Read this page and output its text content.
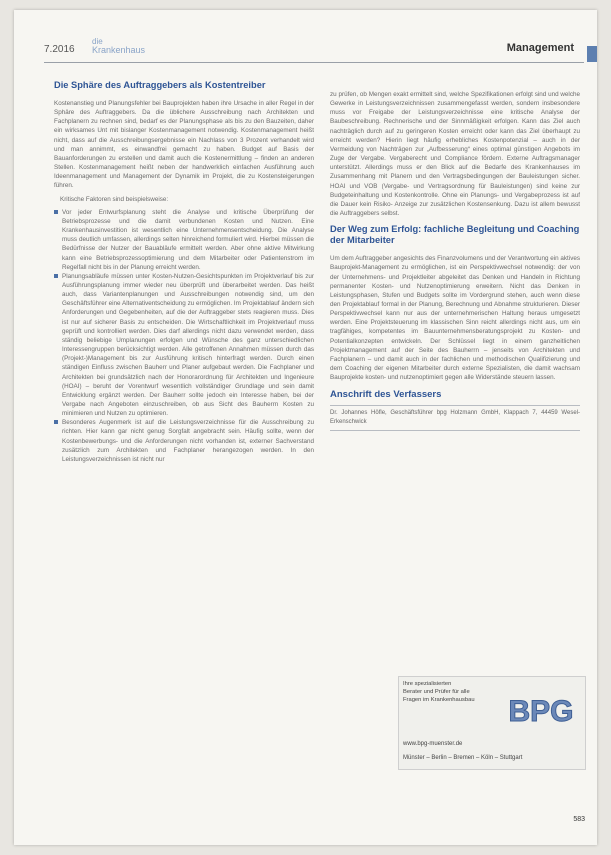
7.2016
die
Krankenhaus	Management
Die Sphäre des Auftraggebers als Kostentreiber
Kostenanstieg und Planungsfehler bei Bauprojekten haben ihre Ursache in aller Regel in der Sphäre des Auftraggebers. Da die üblichere Ausschreibung nach Architekten und Fachplanern zu rechnen sind, bedarf es der Planungsphase als bis zu den Bauzeiten, daher ein wirksames Unt mit bislanger Kostenmanagement notwendig. Kostenmanagement heißt nicht, dass auf die Ausschreibungsergebnisse ein Nachlass von 3 Prozent verhandelt wird und man annimmt, es einwandfrei gemacht zu haben. Budget auf Basis der Bauanforderungen zu erstellen und damit auch die Kostenermittlung – finden an anderen Stellen. Kostenmanagement heißt neben der handwerklich einfachen Ausführung auch Ideenmanagement und Management der Dynamik im Projekt, die zu Kostensteigerungen führen.
Kritische Faktoren sind beispielsweise:
Vor jeder Entwurfsplanung steht die Analyse und kritische Überprüfung der Betriebsprozesse und die damit verbundenen Kosten und Nutzen. Eine Krankenhausinvestition ist wesentlich eine Unternehmensentscheidung. Die Analyse muss deutlich umfassen, allerdings selten hinreichend formuliert wird. Hierbei müssen die Bedürfnisse der Nutzer der Bauabläufe ermittelt werden. Aber ohne aktive Mitwirkung kann eine Betriebsprozessoptimierung und dem Mitarbeiter oder Patientenstrom im Regelfall nicht bis in der Planung erreicht werden.
Planungsabläufe müssen unter Kosten-Nutzen-Gesichtspunkten im Projektverlauf bis zur Ausführungsplanung immer wieder neu überprüft und überarbeitet werden. Das heißt auch, dass Variantenplanungen und Ausschreibungen notwendig sind, um den Geschäftsführer eine Alternativentscheidung zu ermöglichen. Im Projektablauf ändern sich Anforderungen und Gegebenheiten, auf die der Auftraggeber stets reagieren muss. Dies ist nur auf sicherer Basis zu entscheiden. Die Wirtschaftlichkeit im Projektverlauf muss geprüft und kontrolliert werden. Dies darf allerdings nicht dazu verwendet werden, dass ständig beliebige Umplanungen erfolgen und Wünsche des ganz unterschiedlichen Interessengruppen berücksichtigt werden. Alle getroffenen Annahmen müssen durch das (Projekt-)Management bis zur Ausführung kritisch hinterfragt werden. Durch einen ständigen Einfluss zwischen Bauherr und Planer aufgebaut werden. Die Fachplaner und Architekten bei grundsätzlich nach der Honorarordnung für Architekten und Ingenieure (HOAI) – beruht der Vorentwurf wesentlich vollständiger Grundlage und sein damit Entwicklung ergänzt werden. Der Bauherr sollte jedoch ein Interesse haben, bei der Vergabe nach Angeboten einzuschreiben, ob aus Sicht des Bauherrn Kosten zu minimieren und Nutzen zu optimieren.
Besonderes Augenmerk ist auf die Leistungsverzeichnisse für die Ausschreibung zu richten. Hier kann gar nicht genug Sorgfalt angebracht sein. Häufig sollte, wenn der Kostenbewerbungs- und die Anforderungen nicht vorhanden ist, externer Sachverstand zusätzlich zum Architekten und Fachplaner herangezogen werden. In den Leistungsverzeichnissen ist nicht nur
zu prüfen, ob Mengen exakt ermittelt sind, welche Spezifikationen erfolgt sind und welche Gewerke in Leistungsverzeichnissen zusammengefasst werden, sondern insbesondere muss vor Freigabe der Leistungsverzeichnisse eine kritische Analyse der Baubeschreibung. Rechnerische und der Sinnmäßigkeit erfolgen. Kann das Ziel auch nachträglich durch auf zu geringeren Kosten erreicht oder kann das Ziel überhaupt zu erreicht werden? Hierin liegt häufig erhebliches Kostenpotenzial – auch in der Vermeidung von Nachträgen zur „Aufbesserung“ eines optimal günstigen Angebots im Zuge der Vergabe. Vergaberecht und Compliance fördern. Externe Auftragsmanager unterstützt. Allerdings muss er den Blick auf die Bedarfe des Krankenhauses im Zusammenhang mit Planern und den Vertragsbedingungen der Bauleistungen sicher. HOAI und VOB (Vergabe- und Vertragsordnung für Bauleistungen) sind keine zur Budgeteinhaltung und Kostenkontrolle. Ohne ein Planungs- und Vergabeprozess ist auf die Dauer kein Risiko- Anzeige zur zusätzlichen Kostensenkung. Dazu ist allem bewusst die Auftraggebers selbst.
Der Weg zum Erfolg: fachliche Begleitung und Coaching der Mitarbeiter
Um dem Auftraggeber angesichts des Finanzvolumens und der Verantwortung ein aktives Bauprojekt-Management zu ermöglichen, ist ein Perspektivwechsel notwendig: der von der Unternehmens- und Projektleiter abgeleitet das Denken und Handeln in Richtung permanenter Kosten- und Nutzenoptimierung erweitern. Nicht das Denken in Leistungsphasen, Stufen und Budgets sollte im Vordergrund stehen, auch wenn diese den Projektablauf formal in der Planung, Berechnung und Abnahme strukturieren. Dieser Perspektivwechsel kann nur aus der unternehmerischen Haltung heraus umgesetzt werden. Eine Projektsteuerung im klassischen Sinn reicht allerdings nicht aus, um ein tragfähiges, kompetentes im Bauunternehmensberatungsprojekt zu Kosten- und Potentialkonzepten entwickeln. Der Schlüssel liegt in einem ganzheitlichen Projektmanagement auf der Seite des Bauherrn – jenseits von Architekten und Fachplanern – und damit auch in der fachlichen und methodischen Qualifizierung und dem Coaching der eigenen Mitarbeiter durch externe Spezialisten, die damit wachsam Bauprojekte kosten- und nutzenoptimiert gegen alle Widerstände steuern lassen.
Anschrift des Verfassers
Dr. Johannes Höfle, Geschäftsführer bpg Holzmann GmbH, Klappach 7, 44459 Wesel-Erkenschwick
Ihre spezialisierten
Berater und Prüfer für alle
Fragen im Krankenhausbau
www.bpg-muenster.de
Münster – Berlin – Bremen – Köln – Stuttgart
BPG
583
